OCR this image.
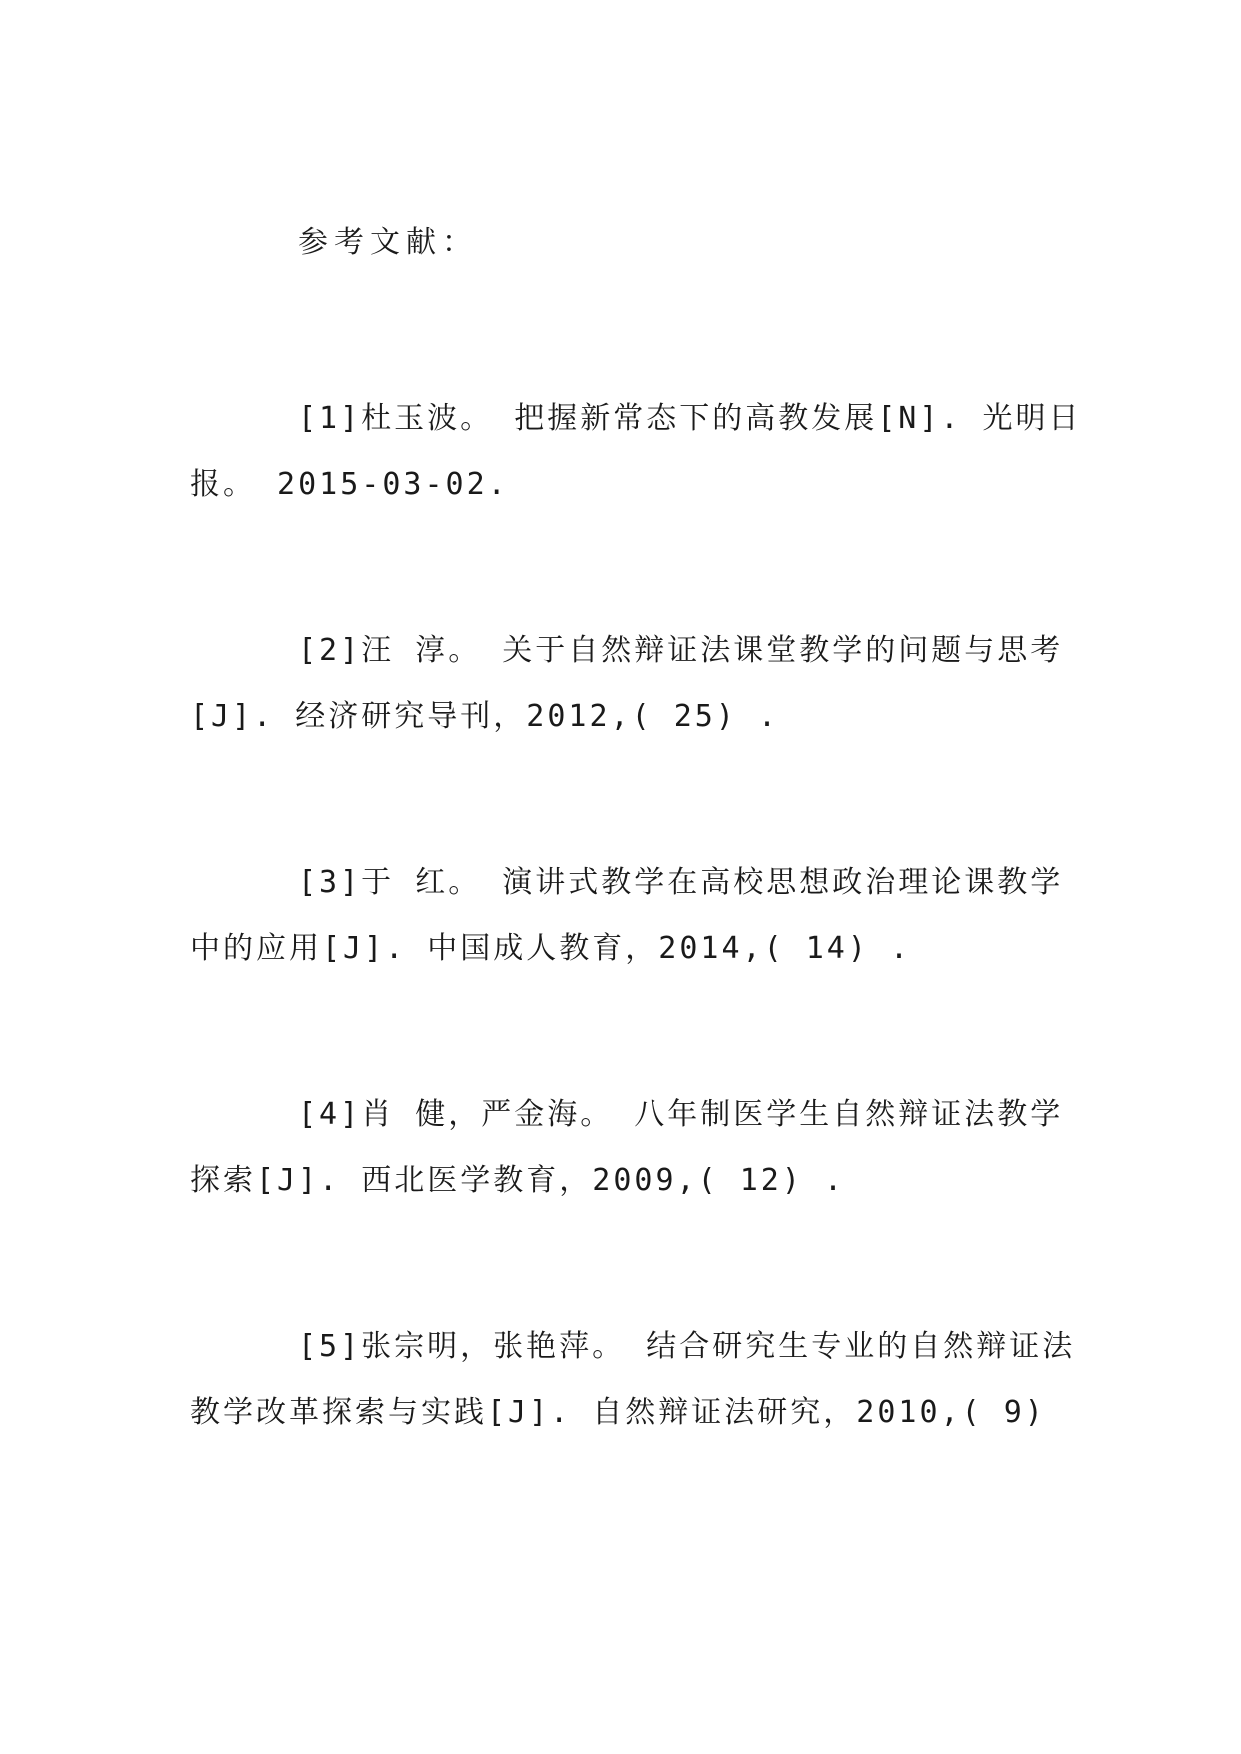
参考文献：

[1]杜玉波。 把握新常态下的高教发展[N]. 光明日
报。 2015-03-02.

[2]汪 淳。 关于自然辩证法课堂教学的问题与思考
[J]. 经济研究导刊，2012,( 25) .

[3]于 红。 演讲式教学在高校思想政治理论课教学
中的应用[J]. 中国成人教育，2014,( 14) .

[4]肖 健，严金海。 八年制医学生自然辩证法教学
探索[J]. 西北医学教育，2009,( 12) .

[5]张宗明，张艳萍。 结合研究生专业的自然辩证法
教学改革探索与实践[J]. 自然辩证法研究，2010,( 9)
